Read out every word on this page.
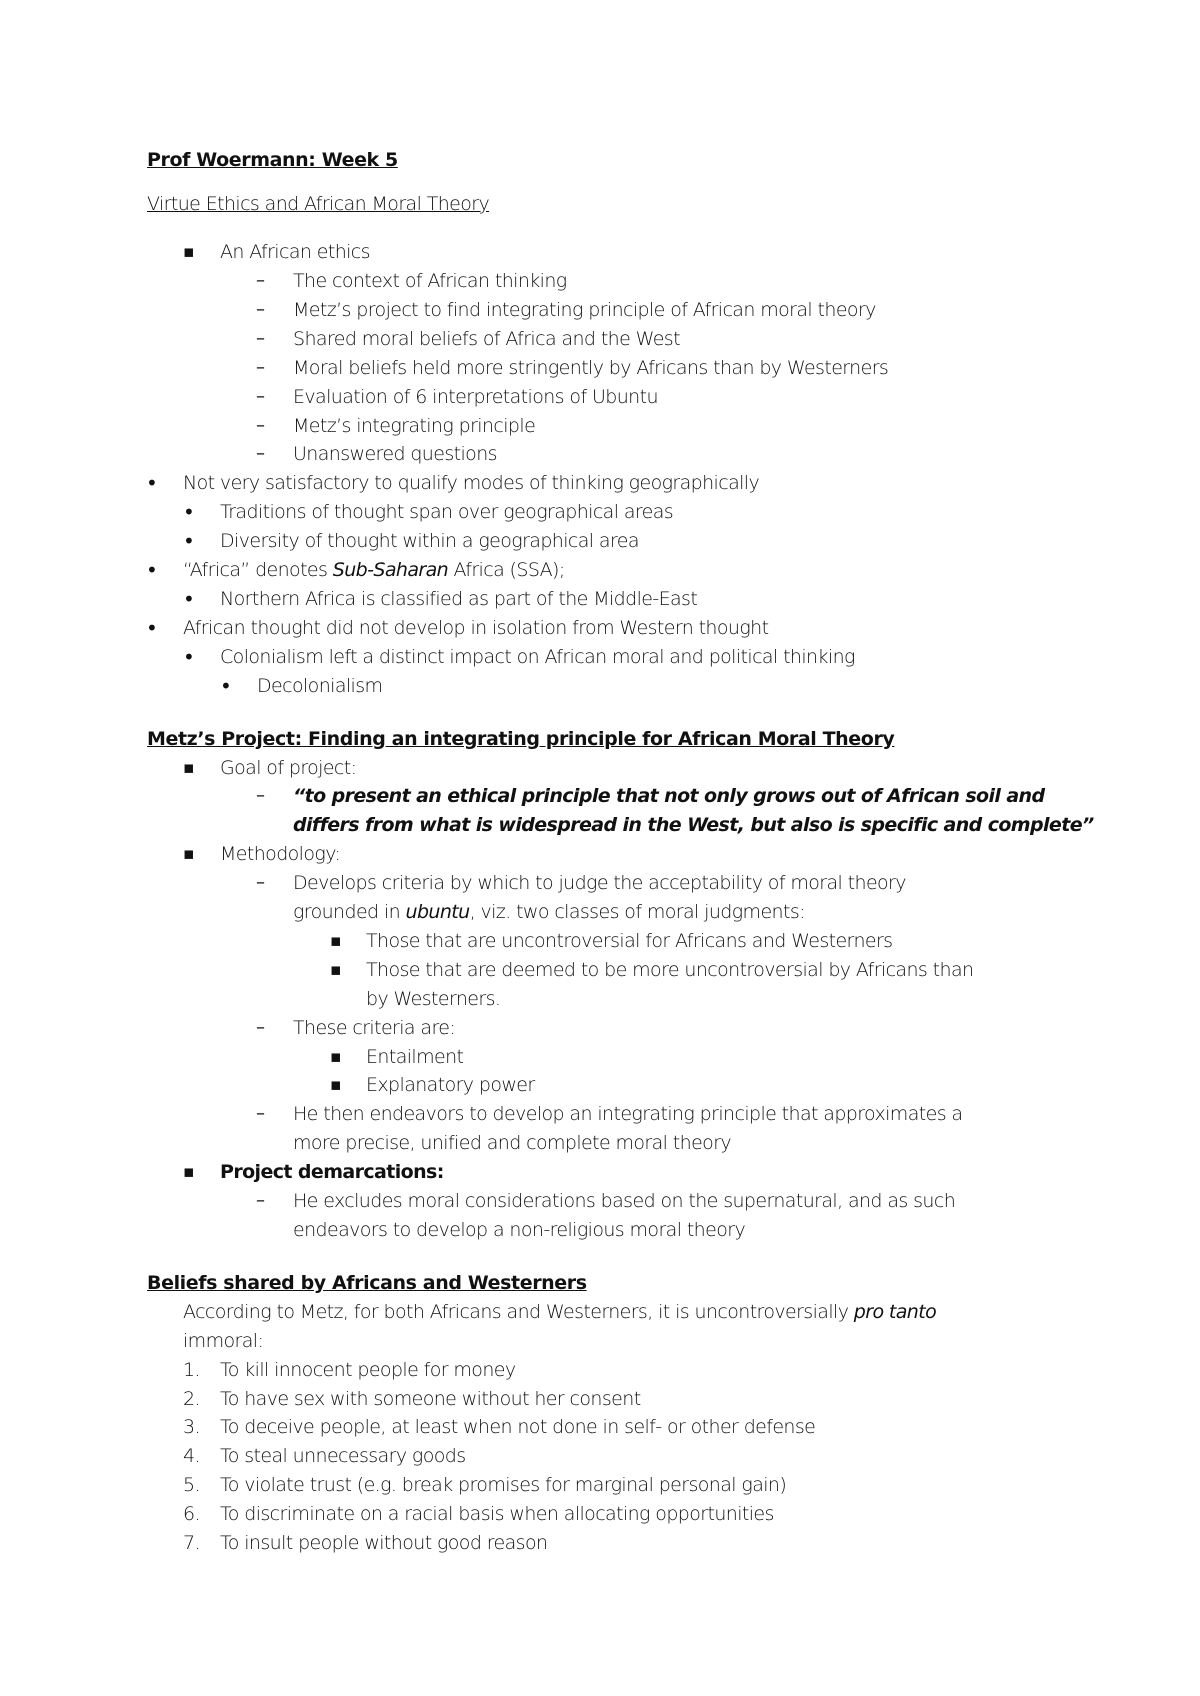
Prof Woermann: Week 5
Virtue Ethics and African Moral Theory
▪ An African ethics
– The context of African thinking
– Metz’s project to find integrating principle of African moral theory
– Shared moral beliefs of Africa and the West
– Moral beliefs held more stringently by Africans than by Westerners
– Evaluation of 6 interpretations of Ubuntu
– Metz’s integrating principle
– Unanswered questions
• Not very satisfactory to qualify modes of thinking geographically
• Traditions of thought span over geographical areas
• Diversity of thought within a geographical area
• “Africa” denotes Sub-Saharan Africa (SSA);
• Northern Africa is classified as part of the Middle-East
• African thought did not develop in isolation from Western thought
• Colonialism left a distinct impact on African moral and political thinking
• Decolonialism
Metz’s Project: Finding an integrating principle for African Moral Theory
▪ Goal of project:
– “to present an ethical principle that not only grows out of African soil and
differs from what is widespread in the West, but also is specific and complete”
▪ Methodology:
– Develops criteria by which to judge the acceptability of moral theory
grounded in ubuntu, viz. two classes of moral judgments:
▪ Those that are uncontroversial for Africans and Westerners
▪ Those that are deemed to be more uncontroversial by Africans than
by Westerners.
– These criteria are:
▪ Entailment
▪ Explanatory power
– He then endeavors to develop an integrating principle that approximates a
more precise, unified and complete moral theory
▪ Project demarcations:
– He excludes moral considerations based on the supernatural, and as such
endeavors to develop a non-religious moral theory
Beliefs shared by Africans and Westerners
According to Metz, for both Africans and Westerners, it is uncontroversially pro tanto
immoral:
1. To kill innocent people for money
2. To have sex with someone without her consent
3. To deceive people, at least when not done in self- or other defense
4. To steal unnecessary goods
5. To violate trust (e.g. break promises for marginal personal gain)
6. To discriminate on a racial basis when allocating opportunities
7. To insult people without good reason
